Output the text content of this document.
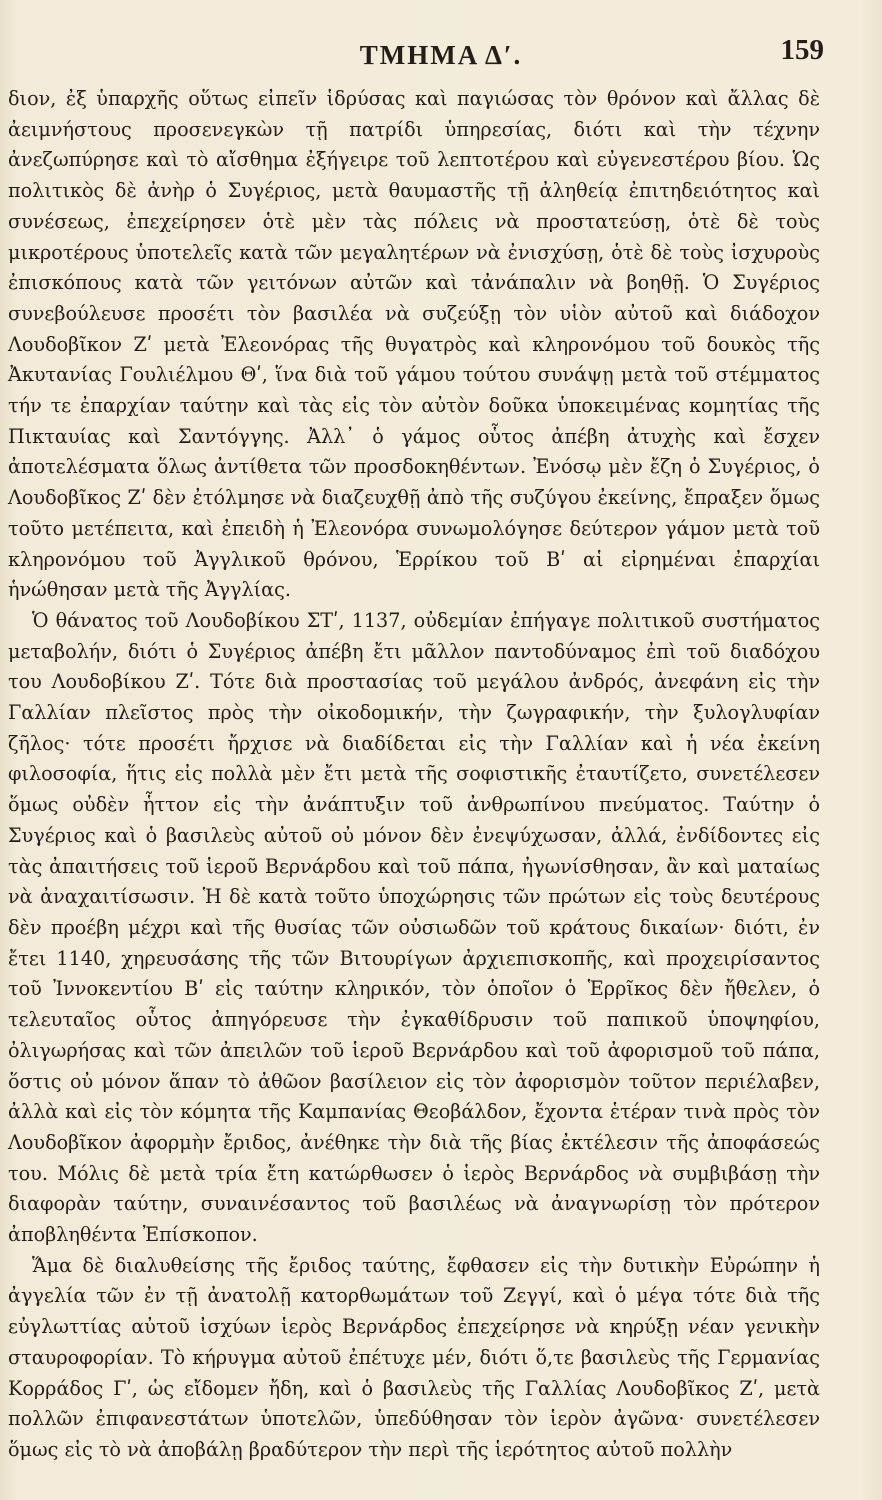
ΤΜΗΜΑ Δʹ.	159

διον, ἐξ ὑπαρχῆς οὕτως εἰπεῖν ἱδρύσας καὶ παγιώσας τὸν θρόνον καὶ ἄλλας δὲ ἀειμνήστους προσενεγκὼν τῇ πατρίδι ὑπηρεσίας, διότι καὶ τὴν τέχνην ἀνεζωπύρησε καὶ τὸ αἴσθημα ἐξήγειρε τοῦ λεπτοτέρου καὶ εὐγενεστέρου βίου. Ὡς πολιτικὸς δὲ ἀνὴρ ὁ Συγέριος, μετὰ θαυμαστῆς τῇ ἀληθείᾳ ἐπιτηδειότητος καὶ συνέσεως, ἐπεχείρησεν ὁτὲ μὲν τὰς πόλεις νὰ προστατεύσῃ, ὁτὲ δὲ τοὺς μικροτέρους ὑποτελεῖς κατὰ τῶν μεγαλητέρων νὰ ἐνισχύσῃ, ὁτὲ δὲ τοὺς ἰσχυροὺς ἐπισκόπους κατὰ τῶν γειτόνων αὐτῶν καὶ τἀνάπαλιν νὰ βοηθῇ. Ὁ Συγέριος συνεβούλευσε προσέτι τὸν βασιλέα νὰ συζεύξῃ τὸν υἱὸν αὐτοῦ καὶ διάδοχον Λουδοβῖκον Ζʹ μετὰ Ἐλεονόρας τῆς θυγατρὸς καὶ κληρονόμου τοῦ δουκὸς τῆς Ἀκυτανίας Γουλιέλμου Θʹ, ἵνα διὰ τοῦ γάμου τούτου συνάψῃ μετὰ τοῦ στέμματος τήν τε ἐπαρχίαν ταύτην καὶ τὰς εἰς τὸν αὐτὸν δοῦκα ὑποκειμένας κομητίας τῆς Πικταυίας καὶ Σαντόγγης. Ἀλλ᾽ ὁ γάμος οὗτος ἀπέβη ἀτυχὴς καὶ ἔσχεν ἀποτελέσματα ὅλως ἀντίθετα τῶν προσδοκηθέντων. Ἐνόσῳ μὲν ἔζη ὁ Συγέριος, ὁ Λουδοβῖκος Ζʹ δὲν ἐτόλμησε νὰ διαζευχθῇ ἀπὸ τῆς συζύγου ἐκείνης, ἔπραξεν ὅμως τοῦτο μετέπειτα, καὶ ἐπειδὴ ἡ Ἐλεονόρα συνωμολόγησε δεύτερον γάμον μετὰ τοῦ κληρονόμου τοῦ Ἀγγλικοῦ θρόνου, Ἑρρίκου τοῦ Βʹ αἱ εἰρημέναι ἐπαρχίαι ἡνώθησαν μετὰ τῆς Ἀγγλίας.

Ὁ θάνατος τοῦ Λουδοβίκου ΣΤʹ, 1137, οὐδεμίαν ἐπήγαγε πολιτικοῦ συστήματος μεταβολήν, διότι ὁ Συγέριος ἀπέβη ἔτι μᾶλλον παντοδύναμος ἐπὶ τοῦ διαδόχου του Λουδοβίκου Ζʹ. Τότε διὰ προστασίας τοῦ μεγάλου ἀνδρός, ἀνεφάνη εἰς τὴν Γαλλίαν πλεῖστος πρὸς τὴν οἰκοδομικήν, τὴν ζωγραφικήν, τὴν ξυλογλυφίαν ζῆλος· τότε προσέτι ἤρχισε νὰ διαδίδεται εἰς τὴν Γαλλίαν καὶ ἡ νέα ἐκείνη φιλοσοφία, ἥτις εἰς πολλὰ μὲν ἔτι μετὰ τῆς σοφιστικῆς ἐταυτίζετο, συνετέλεσεν ὅμως οὐδὲν ἧττον εἰς τὴν ἀνάπτυξιν τοῦ ἀνθρωπίνου πνεύματος. Ταύτην ὁ Συγέριος καὶ ὁ βασιλεὺς αὐτοῦ οὐ μόνον δὲν ἐνεψύχωσαν, ἀλλά, ἐνδίδοντες εἰς τὰς ἀπαιτήσεις τοῦ ἱεροῦ Βερνάρδου καὶ τοῦ πάπα, ἠγωνίσθησαν, ἂν καὶ ματαίως νὰ ἀναχαιτίσωσιν. Ἡ δὲ κατὰ τοῦτο ὑποχώρησις τῶν πρώτων εἰς τοὺς δευτέρους δὲν προέβη μέχρι καὶ τῆς θυσίας τῶν οὐσιωδῶν τοῦ κράτους δικαίων· διότι, ἐν ἔτει 1140, χηρευσάσης τῆς τῶν Βιτουρίγων ἀρχιεπισκοπῆς, καὶ προχειρίσαντος τοῦ Ἰννοκεντίου Βʹ εἰς ταύτην κληρικόν, τὸν ὁποῖον ὁ Ἑρρῖκος δὲν ἤθελεν, ὁ τελευταῖος οὗτος ἀπηγόρευσε τὴν ἐγκαθίδρυσιν τοῦ παπικοῦ ὑποψηφίου, ὀλιγωρήσας καὶ τῶν ἀπειλῶν τοῦ ἱεροῦ Βερνάρδου καὶ τοῦ ἀφορισμοῦ τοῦ πάπα, ὅστις οὐ μόνον ἅπαν τὸ ἀθῶον βασίλειον εἰς τὸν ἀφορισμὸν τοῦτον περιέλαβεν, ἀλλὰ καὶ εἰς τὸν κόμητα τῆς Καμπανίας Θεοβάλδον, ἔχοντα ἑτέραν τινὰ πρὸς τὸν Λουδοβῖκον ἀφορμὴν ἔριδος, ἀνέθηκε τὴν διὰ τῆς βίας ἐκτέλεσιν τῆς ἀποφάσεώς του. Μόλις δὲ μετὰ τρία ἔτη κατώρθωσεν ὁ ἱερὸς Βερνάρδος νὰ συμβιβάσῃ τὴν διαφορὰν ταύτην, συναινέσαντος τοῦ βασιλέως νὰ ἀναγνωρίσῃ τὸν πρότερον ἀποβληθέντα Ἐπίσκοπον.

Ἅμα δὲ διαλυθείσης τῆς ἔριδος ταύτης, ἔφθασεν εἰς τὴν δυτικὴν Εὐρώπην ἡ ἀγγελία τῶν ἐν τῇ ἀνατολῇ κατορθωμάτων τοῦ Ζεγγί, καὶ ὁ μέγα τότε διὰ τῆς εὐγλωττίας αὐτοῦ ἰσχύων ἱερὸς Βερνάρδος ἐπεχείρησε νὰ κηρύξῃ νέαν γενικὴν σταυροφορίαν. Τὸ κήρυγμα αὐτοῦ ἐπέτυχε μέν, διότι ὅ,τε βασιλεὺς τῆς Γερμανίας Κορράδος Γʹ, ὡς εἴδομεν ἤδη, καὶ ὁ βασιλεὺς τῆς Γαλλίας Λουδοβῖκος Ζʹ, μετὰ πολλῶν ἐπιφανεστάτων ὑποτελῶν, ὑπεδύθησαν τὸν ἱερὸν ἀγῶνα· συνετέλεσεν ὅμως εἰς τὸ νὰ ἀποβάλῃ βραδύτερον τὴν περὶ τῆς ἱερότητος αὐτοῦ πολλὴν
